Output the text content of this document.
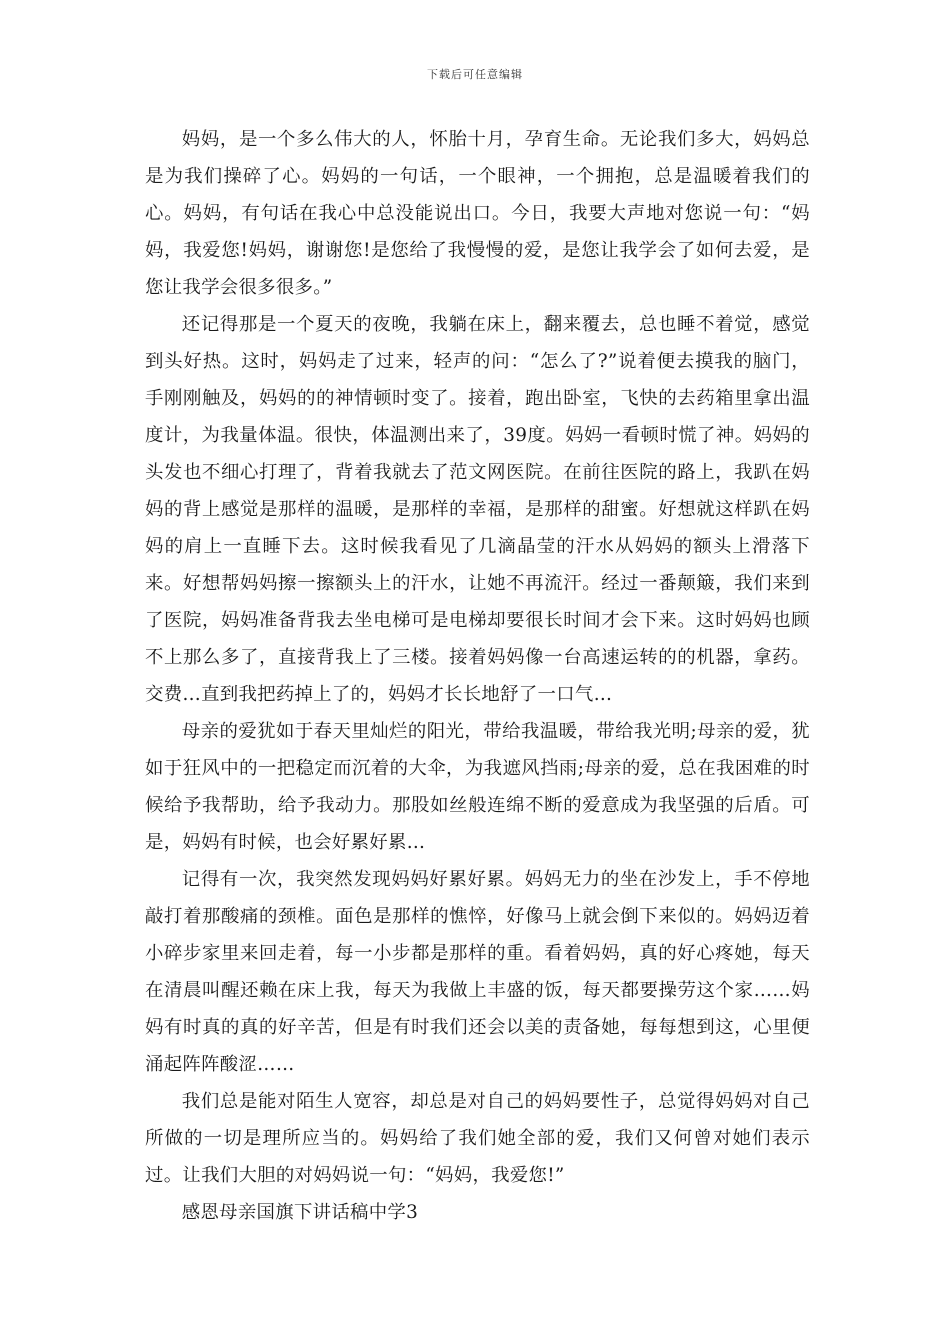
下载后可任意编辑

妈妈，是一个多么伟大的人，怀胎十月，孕育生命。无论我们多大，妈妈总是为我们操碎了心。妈妈的一句话，一个眼神，一个拥抱，总是温暖着我们的心。妈妈，有句话在我心中总没能说出口。今日，我要大声地对您说一句：“妈妈，我爱您!妈妈，谢谢您!是您给了我慢慢的爱，是您让我学会了如何去爱，是您让我学会很多很多。”

还记得那是一个夏天的夜晚，我躺在床上，翻来覆去，总也睡不着觉，感觉到头好热。这时，妈妈走了过来，轻声的问：“怎么了?”说着便去摸我的脑门，手刚刚触及，妈妈的的神情顿时变了。接着，跑出卧室，飞快的去药箱里拿出温度计，为我量体温。很快，体温测出来了，39度。妈妈一看顿时慌了神。妈妈的头发也不细心打理了，背着我就去了范文网医院。在前往医院的路上，我趴在妈妈的背上感觉是那样的温暖，是那样的幸福，是那样的甜蜜。好想就这样趴在妈妈的肩上一直睡下去。这时候我看见了几滴晶莹的汗水从妈妈的额头上滑落下来。好想帮妈妈擦一擦额头上的汗水，让她不再流汗。经过一番颠簸，我们来到了医院，妈妈准备背我去坐电梯可是电梯却要很长时间才会下来。这时妈妈也顾不上那么多了，直接背我上了三楼。接着妈妈像一台高速运转的的机器，拿药。交费…直到我把药掉上了的，妈妈才长长地舒了一口气…

母亲的爱犹如于春天里灿烂的阳光，带给我温暖，带给我光明;母亲的爱，犹如于狂风中的一把稳定而沉着的大伞，为我遮风挡雨;母亲的爱，总在我困难的时候给予我帮助，给予我动力。那股如丝般连绵不断的爱意成为我坚强的后盾。可是，妈妈有时候，也会好累好累…

记得有一次，我突然发现妈妈好累好累。妈妈无力的坐在沙发上，手不停地敲打着那酸痛的颈椎。面色是那样的憔悴，好像马上就会倒下来似的。妈妈迈着小碎步家里来回走着，每一小步都是那样的重。看着妈妈，真的好心疼她，每天在清晨叫醒还赖在床上我，每天为我做上丰盛的饭，每天都要操劳这个家……妈妈有时真的真的好辛苦，但是有时我们还会以美的责备她，每每想到这，心里便涌起阵阵酸涩……

我们总是能对陌生人宽容，却总是对自己的妈妈要性子，总觉得妈妈对自己所做的一切是理所应当的。妈妈给了我们她全部的爱，我们又何曾对她们表示过。让我们大胆的对妈妈说一句：“妈妈，我爱您!”

感恩母亲国旗下讲话稿中学3
